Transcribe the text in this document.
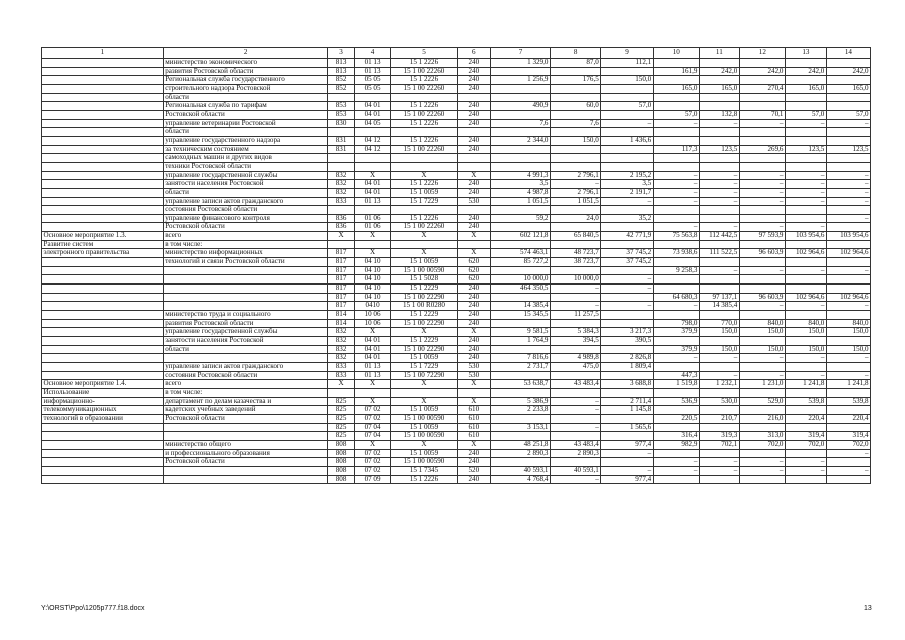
1	2	3	4	5	6	7	8	9	10	11	12	13	14
	министерство экономического	813	01 13	15 1 2226	240	1 329,0	87,0	112,1					
	развития Ростовской области	813	01 13	15 1 00 22260	240				161,9	242,0	242,0	242,0	242,0
	Региональная служба государственного	852	05 05	15 1 2226	240	1 256,9	176,5	150,0					
	строительного надзора Ростовской	852	05 05	15 1 00 22260	240				165,0	165,0	270,4	165,0	165,0
	области												
	Региональная служба по тарифам	853	04 01	15 1 2226	240	490,9	60,0	57,0					
	Ростовской области	853	04 01	15 1 00 22260	240				57,0	132,8	70,1	57,0	57,0
	управление ветеринарии Ростовской	830	04 05	15 1 2226	240	7,6	7,6	–	–	–	–	–	–
	области												
	управление государственного надзора	831	04 12	15 1 2226	240	2 344,0	150,0	1 436,6					
	за техническим состоянием	831	04 12	15 1 00 22260	240				117,3	123,5	269,6	123,5	123,5
	самоходных машин и других видов												
	техники Ростовской области												
	управление государственной службы	832	X	X	X	4 991,3	2 796,1	2 195,2	–	–	–	–	–
	занятости населения Ростовской	832	04 01	15 1 2226	240	3,5	–	3,5	–	–	–	–	–
	области	832	04 01	15 1 0059	240	4 987,8	2 796,1	2 191,7	–	–	–	–	–
	управление записи актов гражданского	833	01 13	15 1 7229	530	1 051,5	1 051,5	–	–	–	–	–	–
	состояния Ростовской области												
	управление финансового контроля	836	01 06	15 1 2226	240	59,2	24,0	35,2					–
	Ростовской области	836	01 06	15 1 00 22260	240				–	–	–	–	
Основное мероприятие 1.3.	всего	X	X	X	X	602 121,8	65 840,5	42 771,9	75 563,8	112 442,5	97 593,9	103 954,6	103 954,6
Развитие систем	в том числе:												
электронного правительства	министерство информационных	817	X	X	X	574 463,1	48 723,7	37 745,2	73 938,6	111 522,5	96 603,9	102 964,6	102 964,6
	технологий и связи Ростовской области	817	04 10	15 1 0059	620	85 727,2	38 723,7	37 745,2					
		817	04 10	15 1 00 00590	620				9 258,3	–	–	–	–
		817	04 10	15 1 5028	620	10 000,0	10 000,0	–					

		817	04 10	15 1 2229	240	464 350,5	–	–					
		817	04 10	15 1 00 22290	240				64 680,3	97 137,1	96 603,9	102 964,6	102 964,6
		817	0410	15 1 00 R0280	240	14 385,4	–	–	–	14 385,4	–	–	–
	министерство труда и социального	814	10 06	15 1 2229	240	15 345,5	11 257,5						
	развития Ростовской области	814	10 06	15 1 00 22290	240				798,0	770,0	840,0	840,0	840,0
	управление государственной службы	832	X	X	X	9 581,5	5 384,3	3 217,3	379,9	150,0	150,0	150,0	150,0
	занятости населения Ростовской	832	04 01	15 1 2229	240	1 764,9	394,5	390,5					
	области	832	04 01	15 1 00 22290	240				379,9	150,0	150,0	150,0	150,0
		832	04 01	15 1 0059	240	7 816,6	4 989,8	2 826,8	–	–	–	–	–
	управление записи актов гражданского	833	01 13	15 1 7229	530	2 731,7	475,0	1 809,4					
	состояния Ростовской области	833	01 13	15 1 00 72290	530				447,3	–	–	–	–
Основное мероприятие 1.4.	всего	X	X	X	X	53 638,7	43 483,4	3 688,8	1 519,8	1 232,1	1 231,0	1 241,8	1 241,8
Использование	в том числе:												
информационно-	департамент по делам казачества и	825	X	X	X	5 386,9	–	2 711,4	536,9	530,0	529,0	539,8	539,8
телекоммуникационных	кадетских учебных заведений	825	07 02	15 1 0059	610	2 233,8	–	1 145,8					
технологий в образовании	Ростовской области	825	07 02	15 1 00 00590	610				220,5	210,7	216,0	220,4	220,4
		825	07 04	15 1 0059	610	3 153,1	–	1 565,6					
		825	07 04	15 1 00 00590	610				316,4	319,3	313,0	319,4	319,4
	министерство общего	808	X	X	X	48 251,8	43 483,4	977,4	982,9	702,1	702,0	702,0	702,0
	и профессионального образования	808	07 02	15 1 0059	240	2 890,3	2 890,3	–					–
	Ростовской области	808	07 02	15 1 00 00590	240				–	–	–	–	
		808	07 02	15 1 7345	520	40 593,1	40 593,1	–	–	–	–	–	–
		808	07 09	15 1 2226	240	4 768,4	–	977,4					
Y:\ORST\Ppo\1205p777.f18.docx	13
